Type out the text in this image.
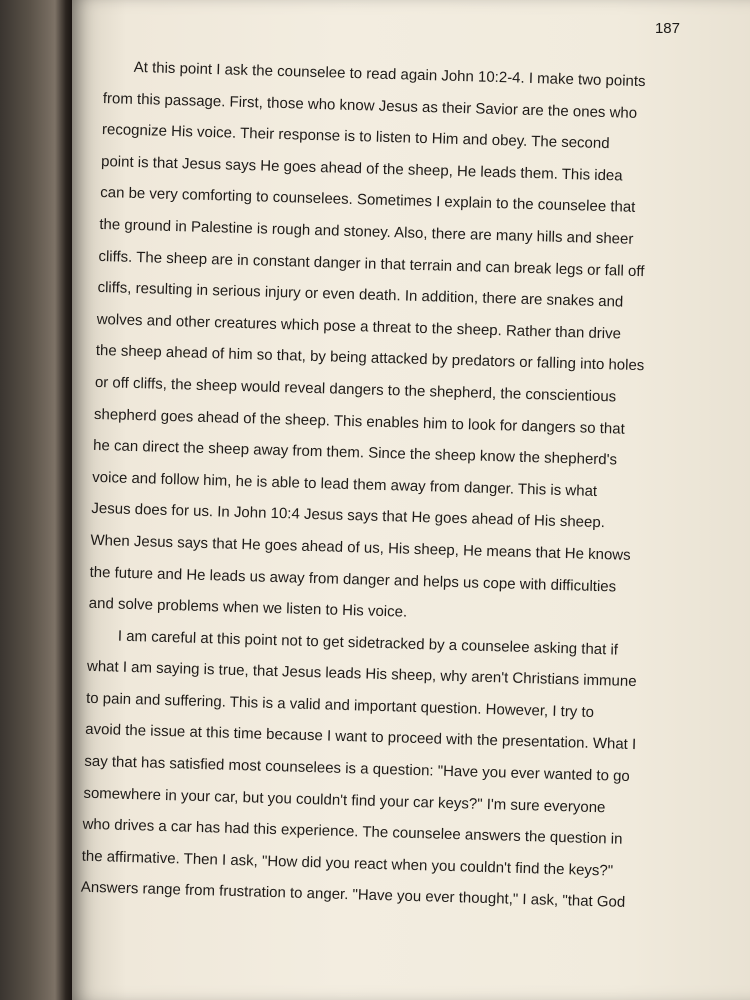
187
At this point I ask the counselee to read again John 10:2-4. I make two points
from this passage. First, those who know Jesus as their Savior are the ones who
recognize His voice. Their response is to listen to Him and obey. The second
point is that Jesus says He goes ahead of the sheep, He leads them. This idea
can be very comforting to counselees. Sometimes I explain to the counselee that
the ground in Palestine is rough and stoney. Also, there are many hills and sheer
cliffs. The sheep are in constant danger in that terrain and can break legs or fall off
cliffs, resulting in serious injury or even death. In addition, there are snakes and
wolves and other creatures which pose a threat to the sheep. Rather than drive
the sheep ahead of him so that, by being attacked by predators or falling into holes
or off cliffs, the sheep would reveal dangers to the shepherd, the conscientious
shepherd goes ahead of the sheep. This enables him to look for dangers so that
he can direct the sheep away from them. Since the sheep know the shepherd's
voice and follow him, he is able to lead them away from danger. This is what
Jesus does for us. In John 10:4 Jesus says that He goes ahead of His sheep.
When Jesus says that He goes ahead of us, His sheep, He means that He knows
the future and He leads us away from danger and helps us cope with difficulties
and solve problems when we listen to His voice.
I am careful at this point not to get sidetracked by a counselee asking that if
what I am saying is true, that Jesus leads His sheep, why aren't Christians immune
to pain and suffering. This is a valid and important question. However, I try to
avoid the issue at this time because I want to proceed with the presentation. What I
say that has satisfied most counselees is a question: "Have you ever wanted to go
somewhere in your car, but you couldn't find your car keys?" I'm sure everyone
who drives a car has had this experience. The counselee answers the question in
the affirmative. Then I ask, "How did you react when you couldn't find the keys?"
Answers range from frustration to anger. "Have you ever thought," I ask, "that God
